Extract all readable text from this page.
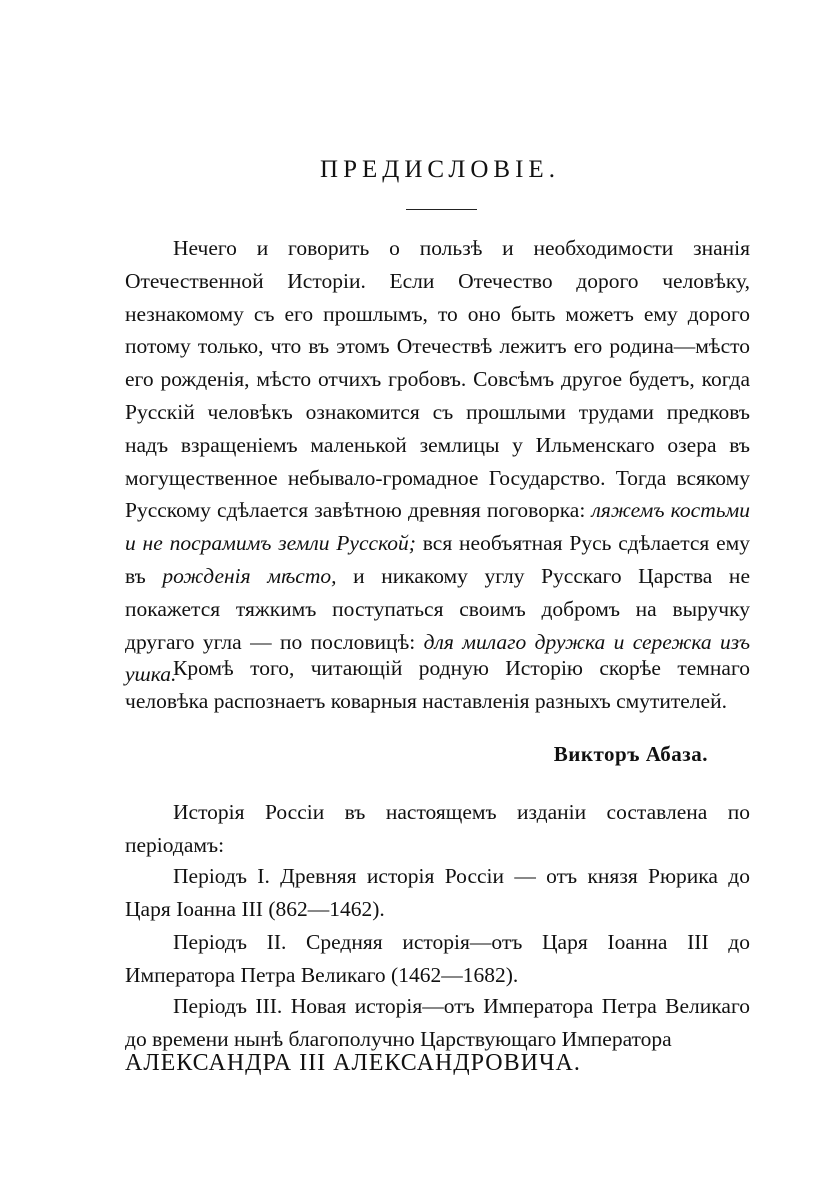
ПРЕДИСЛОВІЕ.

Нечего и говорить о пользѣ и необходимости знанія Отечественной Исторіи. Если Отечество дорого человѣку, незнакомому съ его прошлымъ, то оно быть можетъ ему дорого потому только, что въ этомъ Отечествѣ лежитъ его родина—мѣсто его рожденія, мѣсто отчихъ гробовъ. Совсѣмъ другое будетъ, когда Русскій человѣкъ ознакомится съ прошлыми трудами предковъ надъ взращеніемъ маленькой землицы у Ильменскаго озера въ могущественное небывало-громадное Государство. Тогда всякому Русскому сдѣлается завѣтною древняя поговорка: ляжемъ костьми и не посрамимъ земли Русской; вся необъятная Русь сдѣлается ему въ рожденія мѣсто, и никакому углу Русскаго Царства не покажется тяжкимъ поступаться своимъ добромъ на выручку другаго угла — по пословицѣ: для милаго дружка и сережка изъ ушка.

Кромѣ того, читающій родную Исторію скорѣе темнаго человѣка распознаетъ коварныя наставленія разныхъ смутителей.

Викторъ Абаза.

Исторія Россіи въ настоящемъ изданіи составлена по періодамъ:

Періодъ I. Древняя исторія Россіи — отъ князя Рюрика до Царя Іоанна III (862—1462).

Періодъ II. Средняя исторія—отъ Царя Іоанна III до Императора Петра Великаго (1462—1682).

Періодъ III. Новая исторія—отъ Императора Петра Великаго до времени нынѣ благополучно Царствующаго Императора

АЛЕКСАНДРА III АЛЕКСАНДРОВИЧА.
